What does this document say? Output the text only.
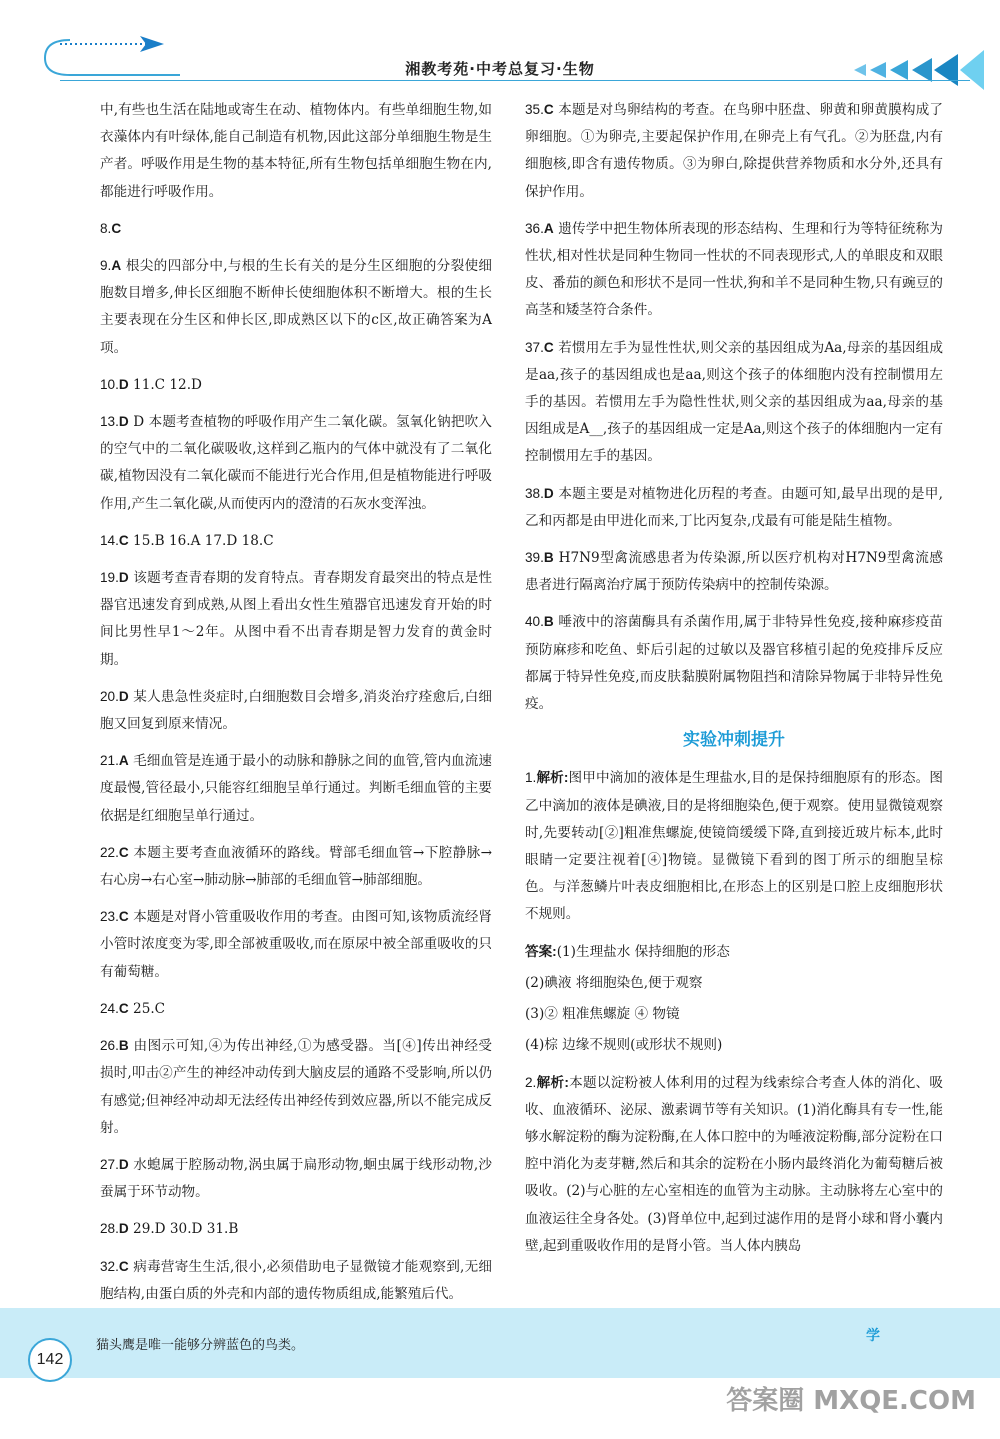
湘教考苑·中考总复习·生物
中,有些也生活在陆地或寄生在动、植物体内。有些单细胞生物,如衣藻体内有叶绿体,能自己制造有机物,因此这部分单细胞生物是生产者。呼吸作用是生物的基本特征,所有生物包括单细胞生物在内,都能进行呼吸作用。
8.C
9.A 根尖的四部分中,与根的生长有关的是分生区细胞的分裂使细胞数目增多,伸长区细胞不断伸长使细胞体积不断增大。根的生长主要表现在分生区和伸长区,即成熟区以下的c区,故正确答案为A项。
10.D 11.C 12.D
13.D D 本题考查植物的呼吸作用产生二氧化碳。氢氧化钠把吹入的空气中的二氧化碳吸收,这样到乙瓶内的气体中就没有了二氧化碳,植物因没有二氧化碳而不能进行光合作用,但是植物能进行呼吸作用,产生二氧化碳,从而使丙内的澄清的石灰水变浑浊。
14.C 15.B 16.A 17.D 18.C
19.D 该题考查青春期的发育特点。青春期发育最突出的特点是性器官迅速发育到成熟,从图上看出女性生殖器官迅速发育开始的时间比男性早1～2年。从图中看不出青春期是智力发育的黄金时期。
20.D 某人患急性炎症时,白细胞数目会增多,消炎治疗痊愈后,白细胞又回复到原来情况。
21.A 毛细血管是连通于最小的动脉和静脉之间的血管,管内血流速度最慢,管径最小,只能容红细胞呈单行通过。判断毛细血管的主要依据是红细胞呈单行通过。
22.C 本题主要考查血液循环的路线。臂部毛细血管→下腔静脉→右心房→右心室→肺动脉→肺部的毛细血管→肺部细胞。
23.C 本题是对肾小管重吸收作用的考查。由图可知,该物质流经肾小管时浓度变为零,即全部被重吸收,而在原尿中被全部重吸收的只有葡萄糖。
24.C 25.C
26.B 由图示可知,④为传出神经,①为感受器。当[④]传出神经受损时,叩击②产生的神经冲动传到大脑皮层的通路不受影响,所以仍有感觉;但神经冲动却无法经传出神经传到效应器,所以不能完成反射。
27.D 水螅属于腔肠动物,涡虫属于扁形动物,蛔虫属于线形动物,沙蚕属于环节动物。
28.D 29.D 30.D 31.B
32.C 病毒营寄生生活,很小,必须借助电子显微镜才能观察到,无细胞结构,由蛋白质的外壳和内部的遗传物质组成,能繁殖后代。
35.C 本题是对鸟卵结构的考查。在鸟卵中胚盘、卵黄和卵黄膜构成了卵细胞。①为卵壳,主要起保护作用,在卵壳上有气孔。②为胚盘,内有细胞核,即含有遗传物质。③为卵白,除提供营养物质和水分外,还具有保护作用。
36.A 遗传学中把生物体所表现的形态结构、生理和行为等特征统称为性状,相对性状是同种生物同一性状的不同表现形式,人的单眼皮和双眼皮、番茄的颜色和形状不是同一性状,狗和羊不是同种生物,只有豌豆的高茎和矮茎符合条件。
37.C 若惯用左手为显性性状,则父亲的基因组成为Aa,母亲的基因组成是aa,孩子的基因组成也是aa,则这个孩子的体细胞内没有控制惯用左手的基因。若惯用左手为隐性性状,则父亲的基因组成为aa,母亲的基因组成是A__,孩子的基因组成一定是Aa,则这个孩子的体细胞内一定有控制惯用左手的基因。
38.D 本题主要是对植物进化历程的考查。由题可知,最早出现的是甲,乙和丙都是由甲进化而来,丁比丙复杂,戊最有可能是陆生植物。
39.B H7N9型禽流感患者为传染源,所以医疗机构对H7N9型禽流感患者进行隔离治疗属于预防传染病中的控制传染源。
40.B 唾液中的溶菌酶具有杀菌作用,属于非特异性免疫,接种麻疹疫苗预防麻疹和吃鱼、虾后引起的过敏以及器官移植引起的免疫排斥反应都属于特异性免疫,而皮肤黏膜附属物阻挡和清除异物属于非特异性免疫。
实验冲刺提升
1.解析:图甲中滴加的液体是生理盐水,目的是保持细胞原有的形态。图乙中滴加的液体是碘液,目的是将细胞染色,便于观察。使用显微镜观察时,先要转动[②]粗准焦螺旋,使镜筒缓缓下降,直到接近玻片标本,此时眼睛一定要注视着[④]物镜。显微镜下看到的图丁所示的细胞呈棕色。与洋葱鳞片叶表皮细胞相比,在形态上的区别是口腔上皮细胞形状不规则。
答案:(1)生理盐水 保持细胞的形态
(2)碘液 将细胞染色,便于观察
(3)② 粗准焦螺旋 ④ 物镜
(4)棕 边缘不规则(或形状不规则)
2.解析:本题以淀粉被人体利用的过程为线索综合考查人体的消化、吸收、血液循环、泌尿、激素调节等有关知识。(1)消化酶具有专一性,能够水解淀粉的酶为淀粉酶,在人体口腔中的为唾液淀粉酶,部分淀粉在口腔中消化为麦芽糖,然后和其余的淀粉在小肠内最终消化为葡萄糖后被吸收。(2)与心脏的左心室相连的血管为主动脉。主动脉将左心室中的血液运往全身各处。(3)肾单位中,起到过滤作用的是肾小球和肾小囊内壁,起到重吸收作用的是肾小管。当人体内胰岛
猫头鹰是唯一能够分辨蓝色的鸟类。
142
学
答案圈 MXQE.COM
